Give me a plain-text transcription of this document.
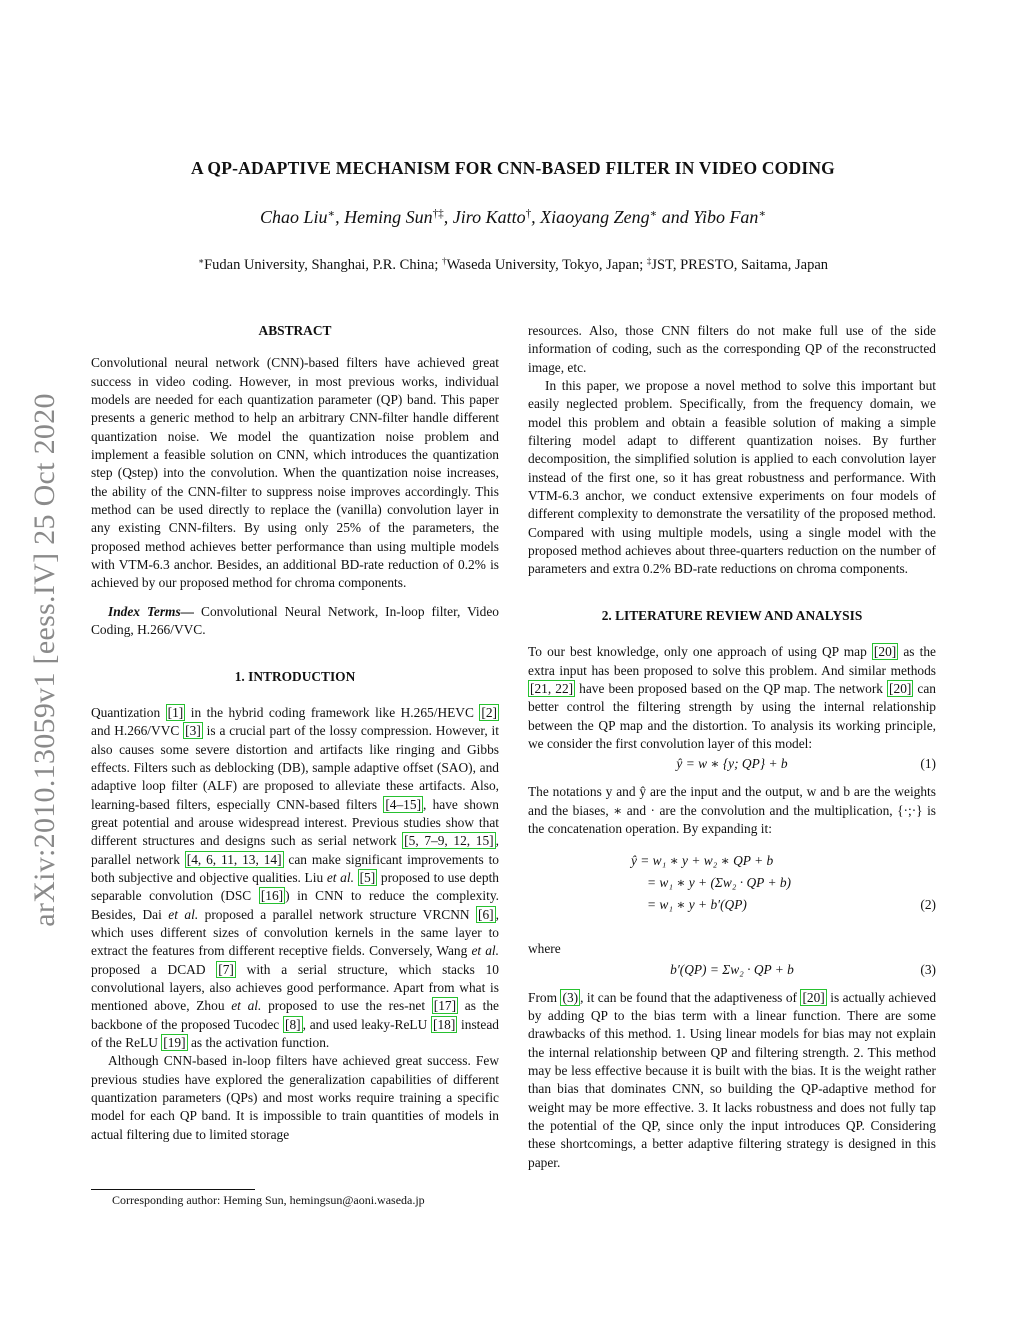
arXiv:2010.13059v1 [eess.IV] 25 Oct 2020
A QP-ADAPTIVE MECHANISM FOR CNN-BASED FILTER IN VIDEO CODING
Chao Liu∗, Heming Sun†‡, Jiro Katto†, Xiaoyang Zeng∗ and Yibo Fan∗
∗Fudan University, Shanghai, P.R. China; †Waseda University, Tokyo, Japan; ‡JST, PRESTO, Saitama, Japan

ABSTRACT

Convolutional neural network (CNN)-based filters have achieved great success in video coding. However, in most previous works, individual models are needed for each quantization parameter (QP) band. This paper presents a generic method to help an arbitrary CNN-filter handle different quantization noise. We model the quantization noise problem and implement a feasible solution on CNN, which introduces the quantization step (Qstep) into the convolution. When the quantization noise increases, the ability of the CNN-filter to suppress noise improves accordingly. This method can be used directly to replace the (vanilla) convolution layer in any existing CNN-filters. By using only 25% of the parameters, the proposed method achieves better performance than using multiple models with VTM-6.3 anchor. Besides, an additional BD-rate reduction of 0.2% is achieved by our proposed method for chroma components.

Index Terms— Convolutional Neural Network, In-loop filter, Video Coding, H.266/VVC.

1. INTRODUCTION

Quantization [1] in the hybrid coding framework like H.265/HEVC [2] and H.266/VVC [3] is a crucial part of the lossy compression. However, it also causes some severe distortion and artifacts like ringing and Gibbs effects. Filters such as deblocking (DB), sample adaptive offset (SAO), and adaptive loop filter (ALF) are proposed to alleviate these artifacts. Also, learning-based filters, especially CNN-based filters [4–15] , have shown great potential and arouse widespread interest. Previous studies show that different structures and designs such as serial network [5, 7–9, 12, 15] , parallel network [4, 6, 11, 13, 14] can make significant improvements to both subjective and objective qualities. Liu et al. [5] proposed to use depth separable convolution (DSC [16] ) in CNN to reduce the complexity. Besides, Dai et al. proposed a parallel network structure VRCNN [6] , which uses different sizes of convolution kernels in the same layer to extract the features from different receptive fields. Conversely, Wang et al. proposed a DCAD [7] with a serial structure, which stacks 10 convolutional layers, also achieves good performance. Apart from what is mentioned above, Zhou et al. proposed to use the res-net [17] as the backbone of the proposed Tucodec [8] , and used leaky-ReLU [18] instead of the ReLU [19] as the activation function.

Although CNN-based in-loop filters have achieved great success. Few previous studies have explored the generalization capabilities of different quantization parameters (QPs) and most works require training a specific model for each QP band. It is impossible to train quantities of models in actual filtering due to limited storage

resources. Also, those CNN filters do not make full use of the side information of coding, such as the corresponding QP of the reconstructed image, etc.

In this paper, we propose a novel method to solve this important but easily neglected problem. Specifically, from the frequency domain, we model this problem and obtain a feasible solution of making a simple filtering model adapt to different quantization noises. By further decomposition, the simplified solution is applied to each convolution layer instead of the first one, so it has great robustness and performance. With VTM-6.3 anchor, we conduct extensive experiments on four models of different complexity to demonstrate the versatility of the proposed method. Compared with using multiple models, using a single model with the proposed method achieves about three-quarters reduction on the number of parameters and extra 0.2% BD-rate reductions on chroma components.

2. LITERATURE REVIEW AND ANALYSIS

To our best knowledge, only one approach of using QP map [20] as the extra input has been proposed to solve this problem. And similar methods [21, 22] have been proposed based on the QP map. The network [20] can better control the filtering strength by using the internal relationship between the QP map and the distortion. To analysis its working principle, we consider the first convolution layer of this model:

ŷ = w ∗ {y; QP} + b	(1)

The notations y and ŷ are the input and the output, w and b are the weights and the biases, ∗ and · are the convolution and the multiplication, {·;·} is the concatenation operation. By expanding it:

ŷ = w₁ ∗ y + w₂ ∗ QP + b
= w₁ ∗ y + (Σw₂ · QP + b)
= w₁ ∗ y + b′(QP)	(2)

where

b′(QP) = Σw₂ · QP + b	(3)

From (3) , it can be found that the adaptiveness of [20] is actually achieved by adding QP to the bias term with a linear function. There are some drawbacks of this method. 1. Using linear models for bias may not explain the internal relationship between QP and filtering strength. 2. This method may be less effective because it is built with the bias. It is the weight rather than bias that dominates CNN, so building the QP-adaptive method for weight may be more effective. 3. It lacks robustness and does not fully tap the potential of the QP, since only the input introduces QP. Considering these shortcomings, a better adaptive filtering strategy is designed in this paper.

Corresponding author: Heming Sun, hemingsun@aoni.waseda.jp
